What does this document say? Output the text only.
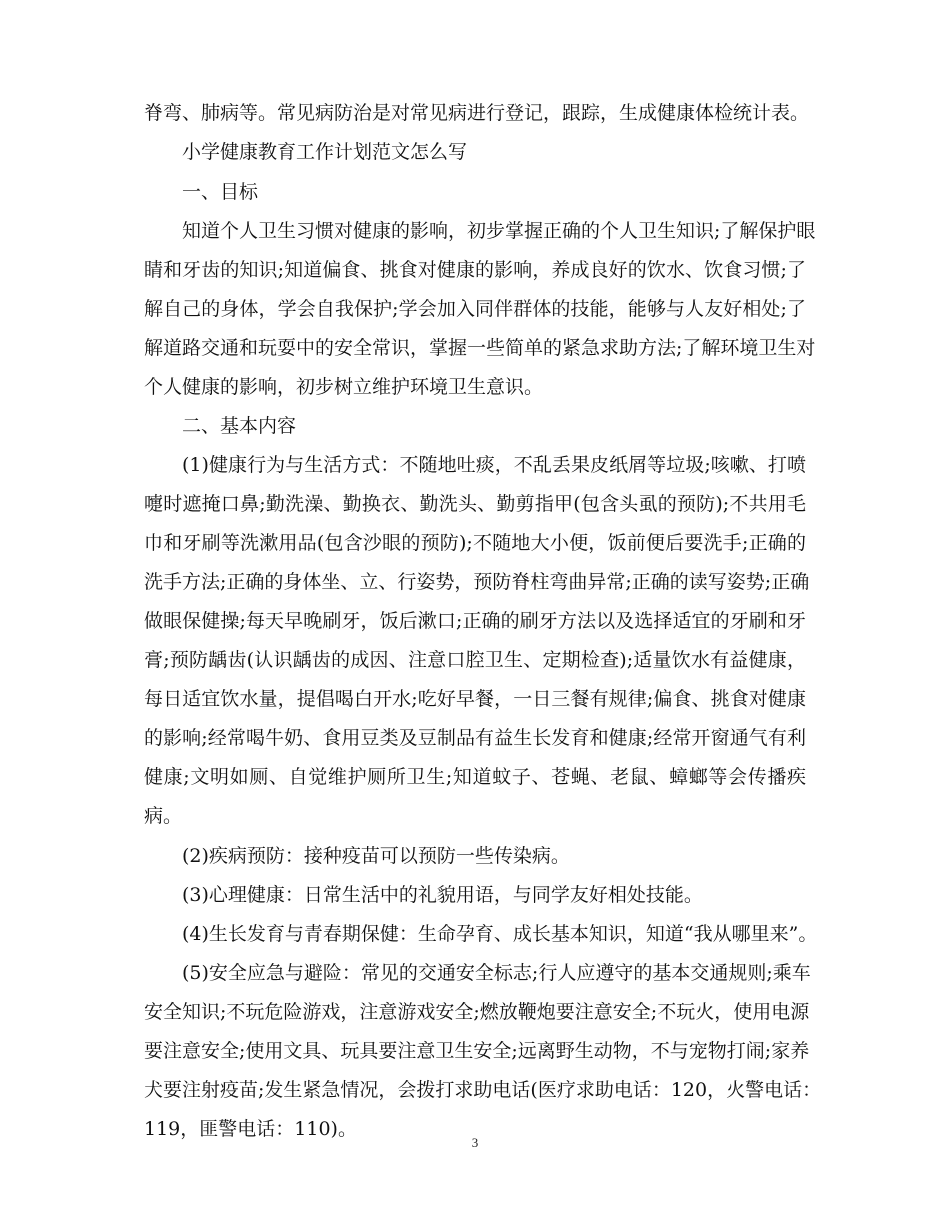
脊弯、肺病等。常见病防治是对常见病进行登记，跟踪，生成健康体检统计表。
小学健康教育工作计划范文怎么写
一、目标
知道个人卫生习惯对健康的影响，初步掌握正确的个人卫生知识;了解保护眼
睛和牙齿的知识;知道偏食、挑食对健康的影响，养成良好的饮水、饮食习惯;了
解自己的身体，学会自我保护;学会加入同伴群体的技能，能够与人友好相处;了
解道路交通和玩耍中的安全常识，掌握一些简单的紧急求助方法;了解环境卫生对
个人健康的影响，初步树立维护环境卫生意识。
二、基本内容
(1)健康行为与生活方式：不随地吐痰，不乱丢果皮纸屑等垃圾;咳嗽、打喷
嚏时遮掩口鼻;勤洗澡、勤换衣、勤洗头、勤剪指甲(包含头虱的预防);不共用毛
巾和牙刷等洗漱用品(包含沙眼的预防);不随地大小便，饭前便后要洗手;正确的
洗手方法;正确的身体坐、立、行姿势，预防脊柱弯曲异常;正确的读写姿势;正确
做眼保健操;每天早晚刷牙，饭后漱口;正确的刷牙方法以及选择适宜的牙刷和牙
膏;预防龋齿(认识龋齿的成因、注意口腔卫生、定期检查);适量饮水有益健康，
每日适宜饮水量，提倡喝白开水;吃好早餐，一日三餐有规律;偏食、挑食对健康
的影响;经常喝牛奶、食用豆类及豆制品有益生长发育和健康;经常开窗通气有利
健康;文明如厕、自觉维护厕所卫生;知道蚊子、苍蝇、老鼠、蟑螂等会传播疾
病。
(2)疾病预防：接种疫苗可以预防一些传染病。
(3)心理健康：日常生活中的礼貌用语，与同学友好相处技能。
(4)生长发育与青春期保健：生命孕育、成长基本知识，知道“我从哪里来”。
(5)安全应急与避险：常见的交通安全标志;行人应遵守的基本交通规则;乘车
安全知识;不玩危险游戏，注意游戏安全;燃放鞭炮要注意安全;不玩火，使用电源
要注意安全;使用文具、玩具要注意卫生安全;远离野生动物，不与宠物打闹;家养
犬要注射疫苗;发生紧急情况，会拨打求助电话(医疗求助电话：120，火警电话：
119，匪警电话：110)。
3
